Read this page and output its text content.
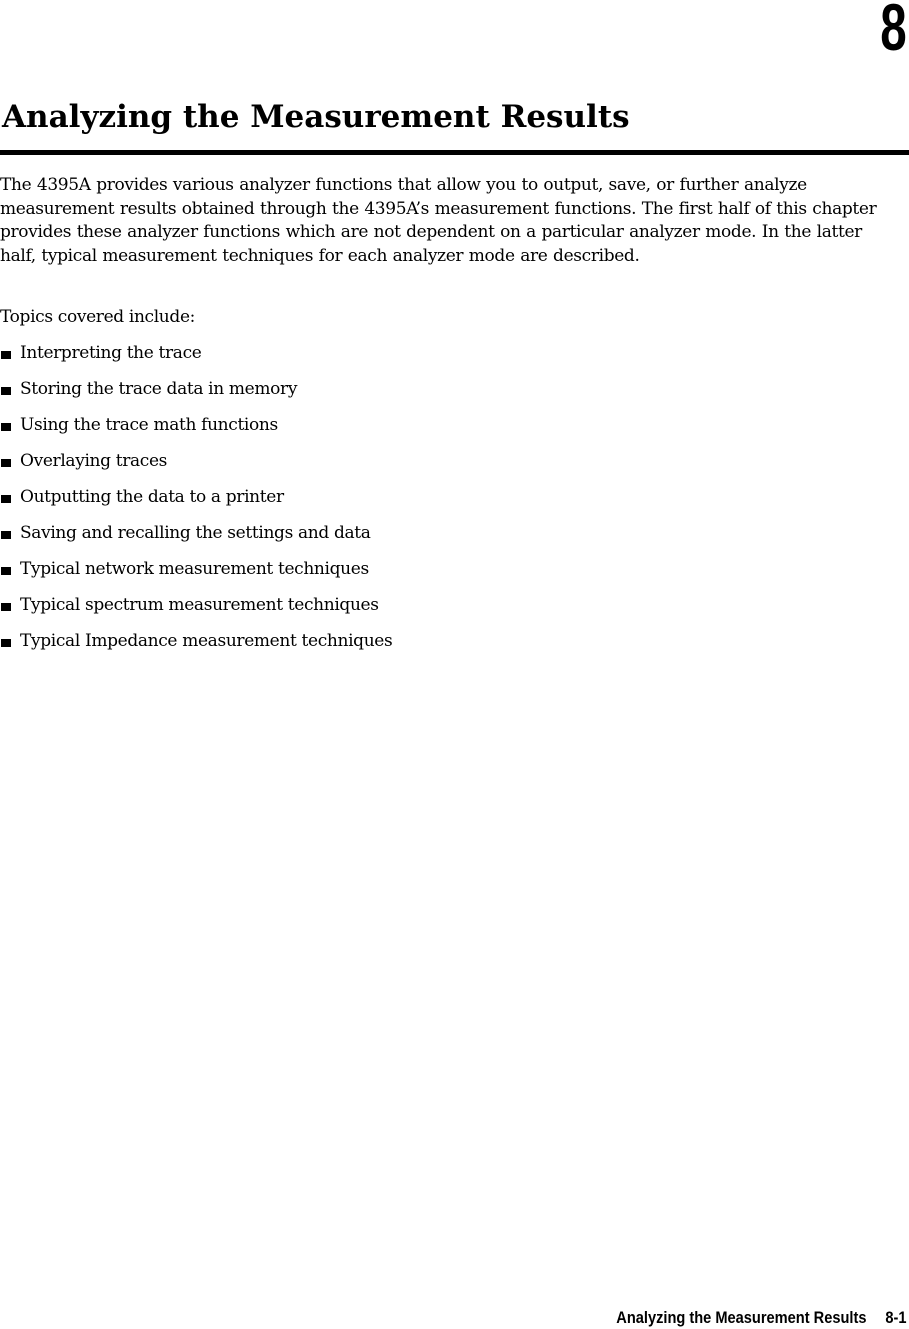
8
Analyzing the Measurement Results

The 4395A provides various analyzer functions that allow you to output, save, or further analyze measurement results obtained through the 4395A’s measurement functions. The first half of this chapter provides these analyzer functions which are not dependent on a particular analyzer mode. In the latter half, typical measurement techniques for each analyzer mode are described.

Topics covered include:

Interpreting the trace
Storing the trace data in memory
Using the trace math functions
Overlaying traces
Outputting the data to a printer
Saving and recalling the settings and data
Typical network measurement techniques
Typical spectrum measurement techniques
Typical Impedance measurement techniques
Analyzing the Measurement Results 8-1
